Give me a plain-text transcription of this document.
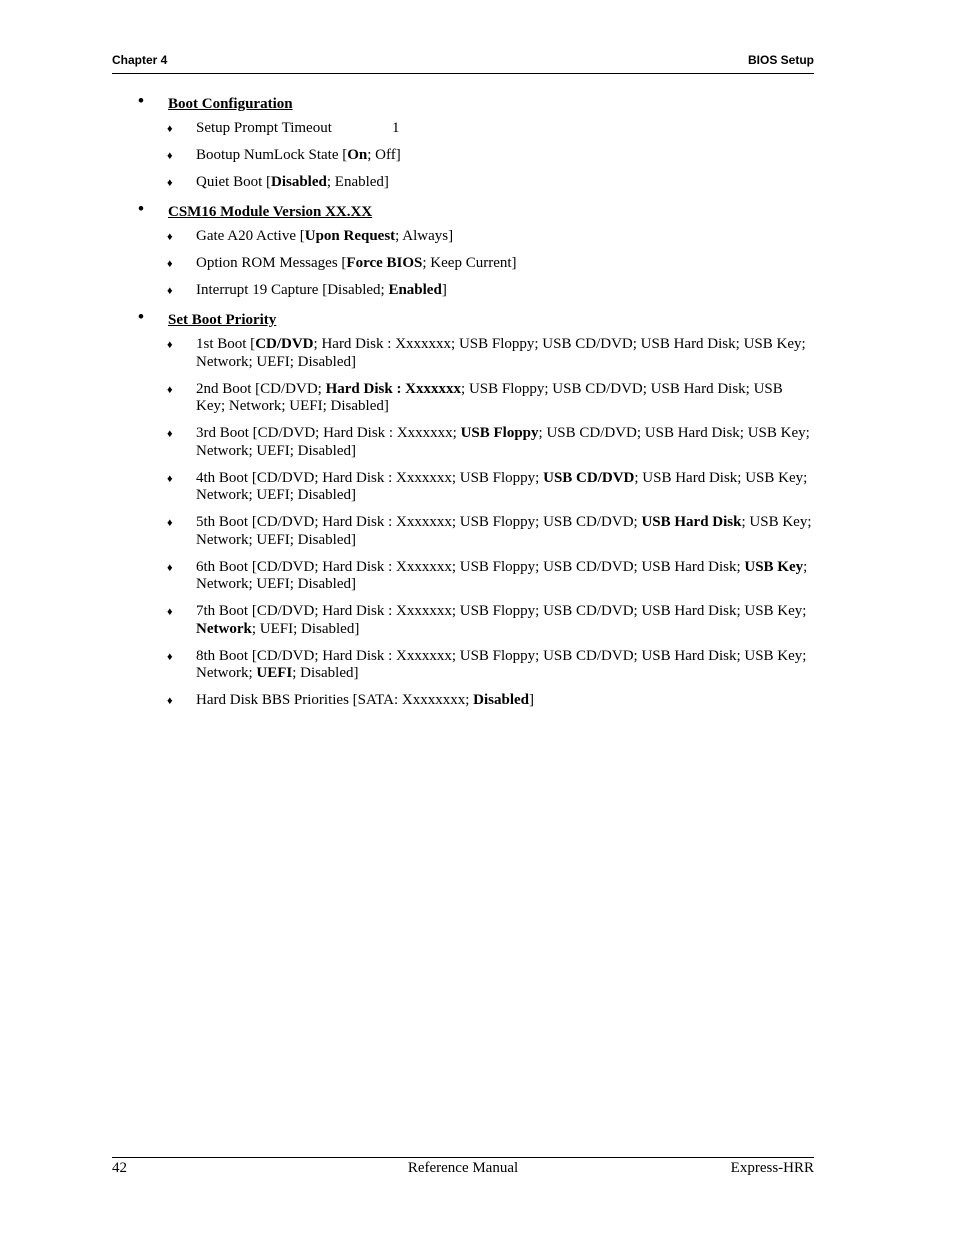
Chapter 4	BIOS Setup
• Boot Configuration
♦ Setup Prompt Timeout	1
♦ Bootup NumLock State [On; Off]
♦ Quiet Boot [Disabled; Enabled]
• CSM16 Module Version XX.XX
♦ Gate A20 Active [Upon Request; Always]
♦ Option ROM Messages [Force BIOS; Keep Current]
♦ Interrupt 19 Capture [Disabled; Enabled]
• Set Boot Priority
♦ 1st Boot [CD/DVD; Hard Disk : Xxxxxxx; USB Floppy; USB CD/DVD; USB Hard Disk; USB Key; Network; UEFI; Disabled]
♦ 2nd Boot [CD/DVD; Hard Disk : Xxxxxxx; USB Floppy; USB CD/DVD; USB Hard Disk; USB Key; Network; UEFI; Disabled]
♦ 3rd Boot [CD/DVD; Hard Disk : Xxxxxxx; USB Floppy; USB CD/DVD; USB Hard Disk; USB Key; Network; UEFI; Disabled]
♦ 4th Boot [CD/DVD; Hard Disk : Xxxxxxx; USB Floppy; USB CD/DVD; USB Hard Disk; USB Key; Network; UEFI; Disabled]
♦ 5th Boot [CD/DVD; Hard Disk : Xxxxxxx; USB Floppy; USB CD/DVD; USB Hard Disk; USB Key; Network; UEFI; Disabled]
♦ 6th Boot [CD/DVD; Hard Disk : Xxxxxxx; USB Floppy; USB CD/DVD; USB Hard Disk; USB Key; Network; UEFI; Disabled]
♦ 7th Boot [CD/DVD; Hard Disk : Xxxxxxx; USB Floppy; USB CD/DVD; USB Hard Disk; USB Key; Network; UEFI; Disabled]
♦ 8th Boot [CD/DVD; Hard Disk : Xxxxxxx; USB Floppy; USB CD/DVD; USB Hard Disk; USB Key; Network; UEFI; Disabled]
♦ Hard Disk BBS Priorities [SATA: Xxxxxxxx; Disabled]
42	Reference Manual	Express-HRR
